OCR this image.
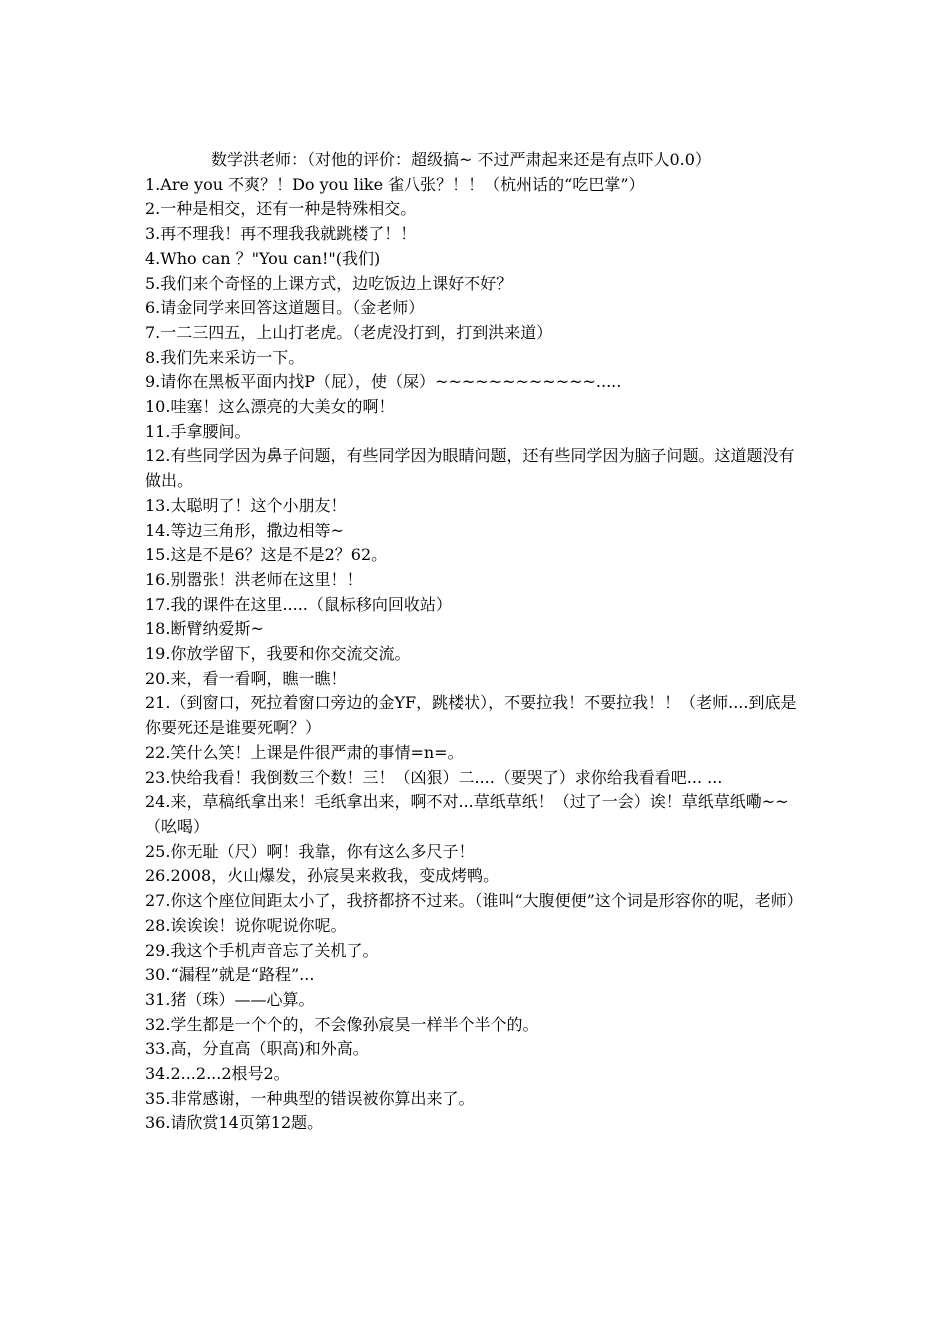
数学洪老师：（对他的评价：超级搞~ 不过严肃起来还是有点吓人0.0）

1.Are you 不爽？！Do you like 雀八张？！！（杭州话的“吃巴掌”）

2.一种是相交，还有一种是特殊相交。

3.再不理我！再不理我我就跳楼了！！

4.Who can ？"You can!"(我们)

5.我们来个奇怪的上课方式，边吃饭边上课好不好？

6.请金同学来回答这道题目。（金老师）

7.一二三四五，上山打老虎。（老虎没打到，打到洪来道）

8.我们先来采访一下。

9.请你在黑板平面内找P（屁），使（屎）~~~~~~~~~~~~.....

10.哇塞！这么漂亮的大美女的啊！

11.手拿腰间。

12.有些同学因为鼻子问题，有些同学因为眼睛问题，还有些同学因为脑子问题。这道题没有做出。

13.太聪明了！这个小朋友！

14.等边三角形，撒边相等~

15.这是不是6？这是不是2？62。

16.别嚣张！洪老师在这里！！

17.我的课件在这里.....（鼠标移向回收站）

18.断臂纳爱斯~

19.你放学留下，我要和你交流交流。

20.来，看一看啊，瞧一瞧！

21.（到窗口，死拉着窗口旁边的金YF，跳楼状），不要拉我！不要拉我！！（老师....到底是你要死还是谁要死啊？）

22.笑什么笑！上课是件很严肃的事情=n=。

23.快给我看！我倒数三个数！三！（凶狠）二....（要哭了）求你给我看看吧... ...

24.来，草稿纸拿出来！毛纸拿出来，啊不对...草纸草纸！（过了一会）诶！草纸草纸嘞~~（吆喝）

25.你无耻（尺）啊！我靠，你有这么多尺子！

26.2008，火山爆发，孙宸昊来救我，变成烤鸭。

27.你这个座位间距太小了，我挤都挤不过来。（谁叫“大腹便便”这个词是形容你的呢，老师）

28.诶诶诶！说你呢说你呢。

29.我这个手机声音忘了关机了。

30.“漏程”就是“路程”...

31.猪（珠）——心算。

32.学生都是一个个的，不会像孙宸昊一样半个半个的。

33.高，分直高（职高)和外高。

34.2...2...2根号2。

35.非常感谢，一种典型的错误被你算出来了。

36.请欣赏14页第12题。
